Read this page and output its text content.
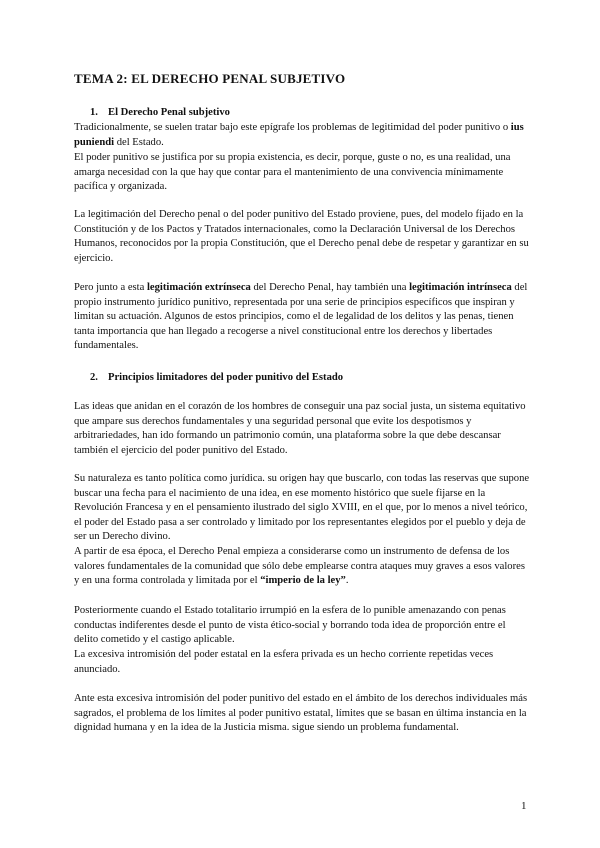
TEMA 2: EL DERECHO PENAL SUBJETIVO
1. El Derecho Penal subjetivo

Tradicionalmente, se suelen tratar bajo este epígrafe los problemas de legitimidad del poder punitivo o ius puniendi del Estado.

El poder punitivo se justifica por su propia existencia, es decir, porque, guste o no, es una realidad, una amarga necesidad con la que hay que contar para el mantenimiento de una convivencia mínimamente pacífica y organizada.

La legitimación del Derecho penal o del poder punitivo del Estado proviene, pues, del modelo fijado en la Constitución y de los Pactos y Tratados internacionales, como la Declaración Universal de los Derechos Humanos, reconocidos por la propia Constitución, que el Derecho penal debe de respetar y garantizar en su ejercicio.

Pero junto a esta legitimación extrínseca del Derecho Penal, hay también una legitimación intrínseca del propio instrumento jurídico punitivo, representada por una serie de principios específicos que inspiran y limitan su actuación. Algunos de estos principios, como el de legalidad de los delitos y las penas, tienen tanta importancia que han llegado a recogerse a nivel constitucional entre los derechos y libertades fundamentales.

2. Principios limitadores del poder punitivo del Estado

Las ideas que anidan en el corazón de los hombres de conseguir una paz social justa, un sistema equitativo que ampare sus derechos fundamentales y una seguridad personal que evite los despotismos y arbitrariedades, han ido formando un patrimonio común, una plataforma sobre la que debe descansar también el ejercicio del poder punitivo del Estado.

Su naturaleza es tanto política como jurídica. su origen hay que buscarlo, con todas las reservas que supone buscar una fecha para el nacimiento de una idea, en ese momento histórico que suele fijarse en la Revolución Francesa y en el pensamiento ilustrado del siglo XVIII, en el que, por lo menos a nivel teórico, el poder del Estado pasa a ser controlado y limitado por los representantes elegidos por el pueblo y deja de ser un Derecho divino.

A partir de esa época, el Derecho Penal empieza a considerarse como un instrumento de defensa de los valores fundamentales de la comunidad que sólo debe emplearse contra ataques muy graves a esos valores y en una forma controlada y limitada por el “imperio de la ley”.

Posteriormente cuando el Estado totalitario irrumpió en la esfera de lo punible amenazando con penas conductas indiferentes desde el punto de vista ético-social y borrando toda idea de proporción entre el delito cometido y el castigo aplicable.

La excesiva intromisión del poder estatal en la esfera privada es un hecho corriente repetidas veces anunciado.

Ante esta excesiva intromisión del poder punitivo del estado en el ámbito de los derechos individuales más sagrados, el problema de los límites al poder punitivo estatal, límites que se basan en última instancia en la dignidad humana y en la idea de la Justicia misma. sigue siendo un problema fundamental.

1
